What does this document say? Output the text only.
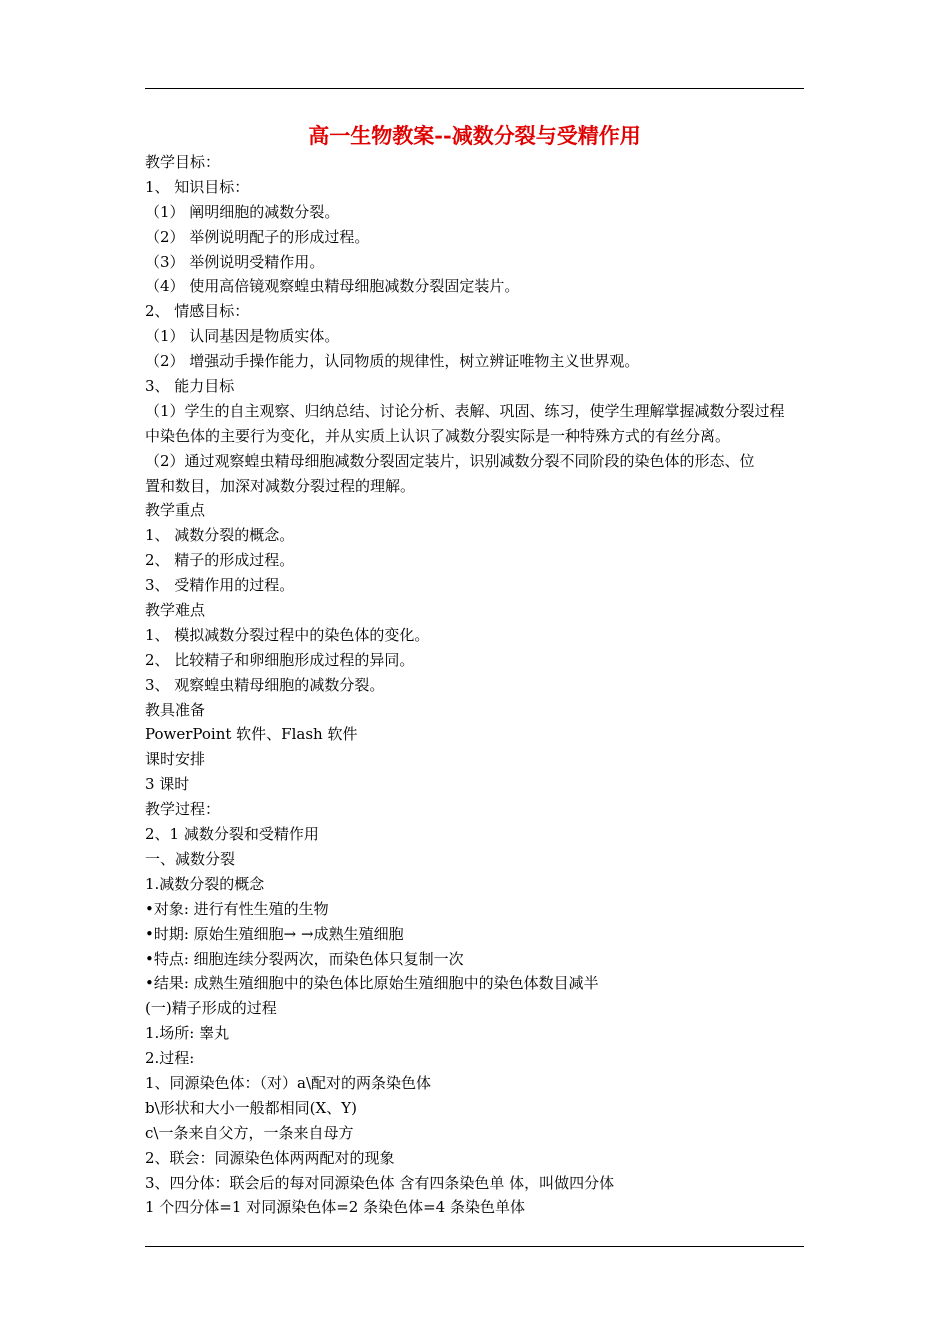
高一生物教案--减数分裂与受精作用
教学目标：
1、 知识目标：
（1） 阐明细胞的减数分裂。
（2） 举例说明配子的形成过程。
（3） 举例说明受精作用。
（4） 使用高倍镜观察蝗虫精母细胞减数分裂固定装片。
2、 情感目标：
（1） 认同基因是物质实体。
（2） 增强动手操作能力，认同物质的规律性，树立辨证唯物主义世界观。
3、 能力目标
（1）学生的自主观察、归纳总结、讨论分析、表解、巩固、练习，使学生理解掌握减数分裂过程
中染色体的主要行为变化，并从实质上认识了减数分裂实际是一种特殊方式的有丝分离。
（2）通过观察蝗虫精母细胞减数分裂固定装片，识别减数分裂不同阶段的染色体的形态、位
置和数目，加深对减数分裂过程的理解。
教学重点
1、 减数分裂的概念。
2、 精子的形成过程。
3、 受精作用的过程。
教学难点
1、 模拟减数分裂过程中的染色体的变化。
2、 比较精子和卵细胞形成过程的异同。
3、 观察蝗虫精母细胞的减数分裂。
教具准备
PowerPoint 软件、Flash 软件
课时安排
3 课时
教学过程：
2、1 减数分裂和受精作用
一、减数分裂
1.减数分裂的概念
•对象: 进行有性生殖的生物
•时期: 原始生殖细胞→ →成熟生殖细胞
•特点: 细胞连续分裂两次，而染色体只复制一次
•结果: 成熟生殖细胞中的染色体比原始生殖细胞中的染色体数目减半
(一)精子形成的过程
1.场所: 睾丸
2.过程:
1、同源染色体：（对）a\配对的两条染色体
b\形状和大小一般都相同(X、Y)
c\一条来自父方，一条来自母方
2、联会：同源染色体两两配对的现象
3、四分体：联会后的每对同源染色体 含有四条染色单 体，叫做四分体
1 个四分体=1 对同源染色体=2 条染色体=4 条染色单体
